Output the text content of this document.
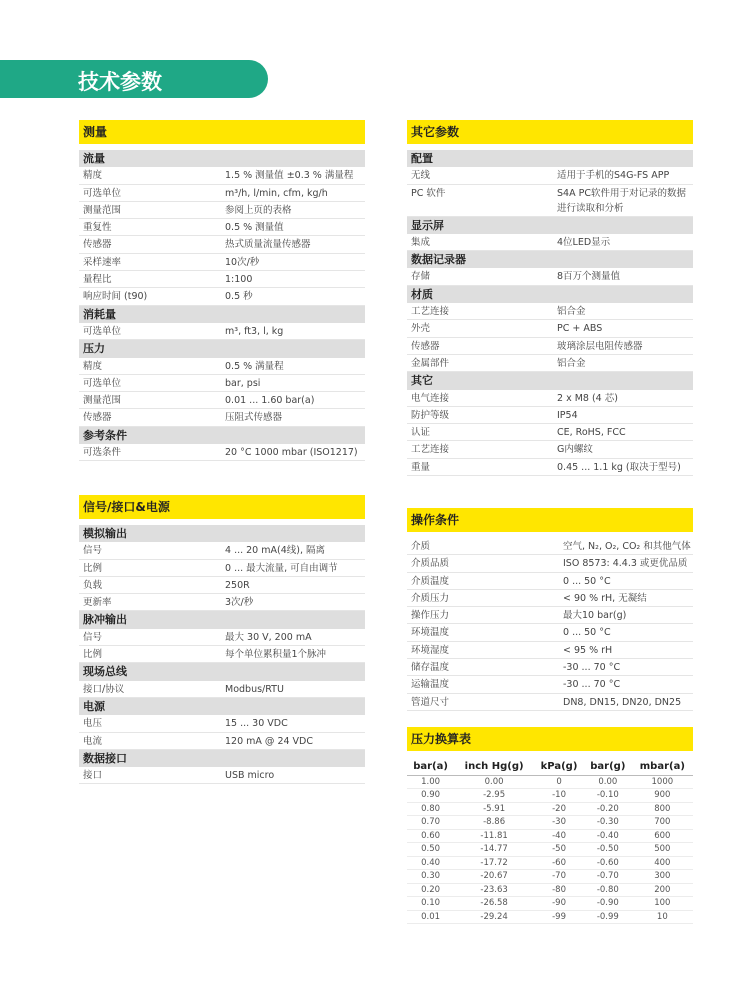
技术参数
测量
流量
精度	1.5 % 测量值 ±0.3 % 满量程
可选单位	m³/h, l/min, cfm, kg/h
测量范围	参阅上页的表格
重复性	0.5 % 测量值
传感器	热式质量流量传感器
采样速率	10次/秒
量程比	1:100
响应时间 (t90)	0.5 秒
消耗量
可选单位	m³, ft3, l, kg
压力
精度	0.5 % 满量程
可选单位	bar, psi
测量范围	0.01 ... 1.60 bar(a)
传感器	压阻式传感器
参考条件
可选条件	20 °C 1000 mbar (ISO1217)
信号/接口&电源
模拟输出
信号	4 ... 20 mA(4线), 隔离
比例	0 ... 最大流量, 可自由调节
负载	250R
更新率	3次/秒
脉冲输出
信号	最大 30 V, 200 mA
比例	每个单位累积量1个脉冲
现场总线
接口/协议	Modbus/RTU
电源
电压	15 ... 30 VDC
电流	120 mA @ 24 VDC
数据接口
接口	USB micro
其它参数
配置
无线	适用于手机的S4G-FS APP
PC 软件	S4A PC软件用于对记录的数据进行读取和分析
显示屏
集成	4位LED显示
数据记录器
存储	8百万个测量值
材质
工艺连接	铝合金
外壳	PC + ABS
传感器	玻璃涂层电阻传感器
金属部件	铝合金
其它
电气连接	2 x M8 (4 芯)
防护等级	IP54
认证	CE, RoHS, FCC
工艺连接	G内螺纹
重量	0.45 ... 1.1 kg (取决于型号)
操作条件
介质	空气, N₂, O₂, CO₂ 和其他气体
介质品质	ISO 8573: 4.4.3 或更优品质
介质温度	0 ... 50 °C
介质压力	< 90 % rH, 无凝结
操作压力	最大10 bar(g)
环境温度	0 ... 50 °C
环境湿度	< 95 % rH
储存温度	-30 ... 70 °C
运输温度	-30 ... 70 °C
管道尺寸	DN8, DN15, DN20, DN25
压力换算表
bar(a)	inch Hg(g)	kPa(g)	bar(g)	mbar(a)
1.00	0.00	0	0.00	1000
0.90	-2.95	-10	-0.10	900
0.80	-5.91	-20	-0.20	800
0.70	-8.86	-30	-0.30	700
0.60	-11.81	-40	-0.40	600
0.50	-14.77	-50	-0.50	500
0.40	-17.72	-60	-0.60	400
0.30	-20.67	-70	-0.70	300
0.20	-23.63	-80	-0.80	200
0.10	-26.58	-90	-0.90	100
0.01	-29.24	-99	-0.99	10
